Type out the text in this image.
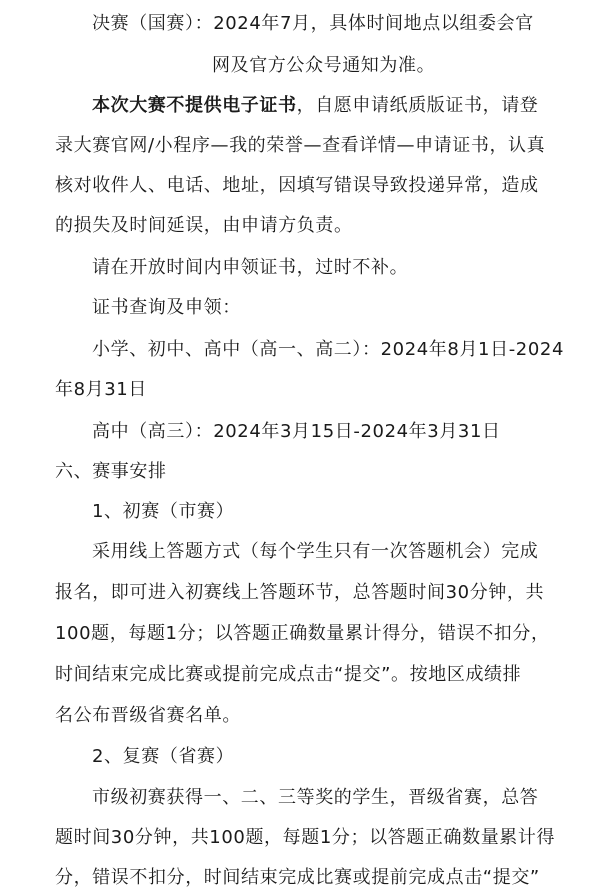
决赛（国赛）：2024年7月，具体时间地点以组委会官

网及官方公众号通知为准。

本次大赛不提供电子证书，自愿申请纸质版证书，请登

录大赛官网/小程序—我的荣誉—查看详情—申请证书，认真

核对收件人、电话、地址，因填写错误导致投递异常，造成

的损失及时间延误，由申请方负责。

请在开放时间内申领证书，过时不补。

证书查询及申领：

小学、初中、高中（高一、高二）：2024年8月1日-2024

年8月31日

高中（高三）：2024年3月15日-2024年3月31日

六、赛事安排

1、初赛（市赛）

采用线上答题方式（每个学生只有一次答题机会）完成

报名，即可进入初赛线上答题环节，总答题时间30分钟，共

100题，每题1分；以答题正确数量累计得分，错误不扣分，

时间结束完成比赛或提前完成点击“提交”。按地区成绩排

名公布晋级省赛名单。

2、复赛（省赛）

市级初赛获得一、二、三等奖的学生，晋级省赛，总答

题时间30分钟，共100题，每题1分；以答题正确数量累计得

分，错误不扣分，时间结束完成比赛或提前完成点击“提交”
